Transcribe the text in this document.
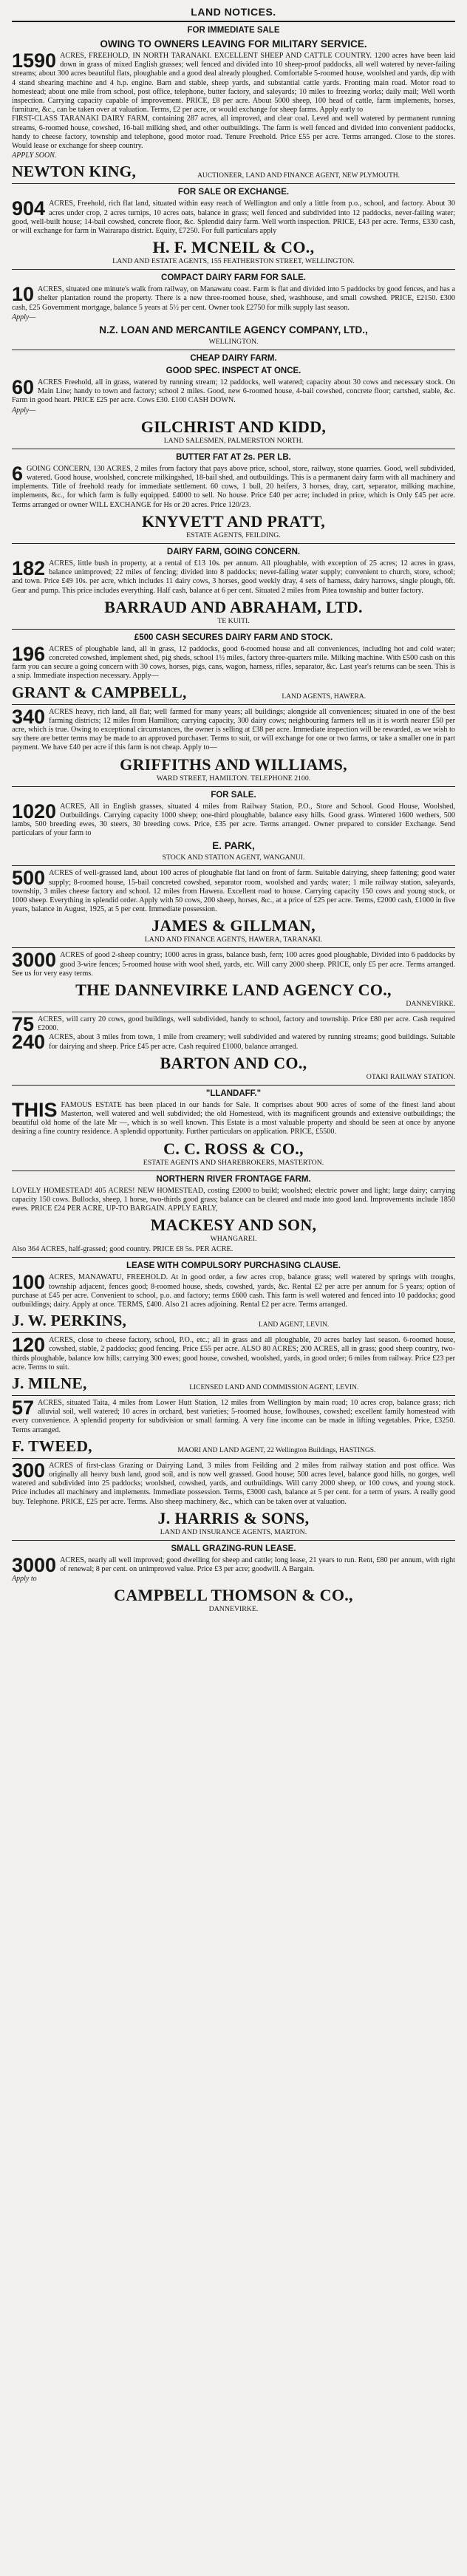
LAND NOTICES.
FOR IMMEDIATE SALE
OWING TO OWNERS LEAVING FOR MILITARY SERVICE.

1590 ACRES, FREEHOLD, IN NORTH TARANAKI. EXCELLENT SHEEP AND CATTLE COUNTRY. 1200 acres have been laid down in grass of mixed English grasses; well fenced and divided into 10 sheep-proof paddocks, all well watered by never-failing streams; about 300 acres beautiful flats, ploughable and a good deal already ploughed. Comfortable 5-roomed house, woolshed and yards, dip with 4 stand shearing machine and 4 h.p. engine. Barn and stable, sheep yards, and substantial cattle yards. Fronting main road. Motor road to homestead; about one mile from school, post office, telephone, butter factory, and saleyards; 10 miles to freezing works; daily mail; Well worth inspection. Carrying capacity capable of improvement. PRICE, £8 per acre. About 5000 sheep, 100 head of cattle, farm implements, horses, furniture, &c., can be taken over at valuation. Terms, £2 per acre, or would exchange for sheep farms. Apply early to

FIRST-CLASS TARANAKI DAIRY FARM, containing 287 acres, all improved, and clear coal. Level and well watered by permanent running streams, 6-roomed house, cowshed, 16-bail milking shed, and other outbuildings. The farm is well fenced and divided into convenient paddocks, handy to cheese factory, township and telephone, good motor road. Tenure Freehold. Price £55 per acre. Terms arranged. Close to the stores. Would lease or exchange for sheep country.

APPLY SOON.
NEWTON KING,	AUCTIONEER, LAND AND FINANCE AGENT, NEW PLYMOUTH.
FOR SALE OR EXCHANGE.

904 ACRES, Freehold, rich flat land, situated within easy reach of Wellington and only a little from p.o., school, and factory. About 30 acres under crop, 2 acres turnips, 10 acres oats, balance in grass; well fenced and subdivided into 12 paddocks, never-failing water; good, well-built house; 14-bail cowshed, concrete floor, &c. Splendid dairy farm. Well worth inspection. PRICE, £43 per acre. Terms, £330 cash, or will exchange for farm in Wairarapa district. Equity, £7250. For full particulars apply

H. F. MCNEIL & CO.,
LAND AND ESTATE AGENTS, 155 FEATHERSTON STREET, WELLINGTON.
COMPACT DAIRY FARM FOR SALE.

10 ACRES, situated one minute's walk from railway, on Manawatu coast. Farm is flat and divided into 5 paddocks by good fences, and has a shelter plantation round the property. There is a new three-roomed house, shed, washhouse, and small cowshed. PRICE, £2150. £300 cash, £25 Government mortgage, balance 5 years at 5½ per cent. Owner took £2750 for milk supply last season.

Apply—
N.Z. LOAN AND MERCANTILE AGENCY COMPANY, LTD.,
WELLINGTON.
CHEAP DAIRY FARM.
GOOD SPEC. INSPECT AT ONCE.

60 ACRES Freehold, all in grass, watered by running stream; 12 paddocks, well watered; capacity about 30 cows and necessary stock. On Main Line; handy to town and factory; school 2 miles. Good, new 6-roomed house, 4-bail cowshed, concrete floor; cartshed, stable, &c. Farm in good heart. PRICE £25 per acre. Cows £30. £100 CASH DOWN.

Apply—
GILCHRIST AND KIDD,
LAND SALESMEN, PALMERSTON NORTH.
BUTTER FAT AT 2s. PER LB.

6 GOING CONCERN, 130 ACRES, 2 miles from factory that pays above price, school, store, railway, stone quarries. Good, well subdivided, watered. Good house, woolshed, concrete milkingshed, 18-bail shed, and outbuildings. This is a permanent dairy farm with all machinery and implements. Title of freehold ready for immediate settlement. 60 cows, 1 bull, 20 heifers, 3 horses, dray, cart, separator, milking machine, implements, &c., for which farm is fully equipped. £4000 to sell. No house. Price £40 per acre; included in price, which is Only £45 per acre. Terms arranged or owner WILL EXCHANGE for Hs or 20 acres. Price 120/23.

KNYVETT AND PRATT,
ESTATE AGENTS, FEILDING.
DAIRY FARM, GOING CONCERN.

182 ACRES, little bush in property, at a rental of £13 10s. per annum. All ploughable, with exception of 25 acres; 12 acres in grass, balance unimproved; 22 miles of fencing; divided into 8 paddocks; never-failing water supply; convenient to church, store, school; and town. Price £49 10s. per acre, which includes 11 dairy cows, 3 horses, good weekly dray, 4 sets of harness, dairy harrows, single plough, 6ft. Gear and pump. This price includes everything. Half cash, balance at 6 per cent. Situated 2 miles from Pitea township and butter factory.

BARRAUD AND ABRAHAM, LTD.
TE KUITI.
£500 CASH SECURES DAIRY FARM AND STOCK.

196 ACRES of ploughable land, all in grass, 12 paddocks, good 6-roomed house and all conveniences, including hot and cold water; concreted cowshed, implement shed, pig sheds, school 1½ miles, factory three-quarters mile. Milking machine. With £500 cash on this farm you can secure a going concern with 30 cows, horses, pigs, cans, wagon, harness, rifles, separator, &c. Last year's returns can be seen. This is a snip. Immediate inspection necessary. Apply—

GRANT & CAMPBELL,	LAND AGENTS, HAWERA.

340 ACRES heavy, rich land, all flat; well farmed for many years; all buildings; alongside all conveniences; situated in one of the best farming districts; 12 miles from Hamilton; carrying capacity, 300 dairy cows; neighbouring farmers tell us it is worth nearer £50 per acre, which is true. Owing to exceptional circumstances, the owner is selling at £38 per acre. Immediate inspection will be rewarded, as we wish to say there are better terms may be made to an approved purchaser. Terms to suit, or will exchange for one or two farms, or take a smaller one in part payment. We have £40 per acre if this farm is not cheap. Apply to—

GRIFFITHS AND WILLIAMS,
WARD STREET, HAMILTON. TELEPHONE 2100.
FOR SALE.

1020 ACRES, All in English grasses, situated 4 miles from Railway Station, P.O., Store and School. Good House, Woolshed, Outbuildings. Carrying capacity 1000 sheep; one-third ploughable, balance easy hills. Good grass. Wintered 1600 wethers, 500 lambs, 500 breeding ewes, 30 steers, 30 breeding cows. Price, £35 per acre. Terms arranged. Owner prepared to consider Exchange. Send particulars of your farm to

E. PARK,
STOCK AND STATION AGENT, WANGANUI.

500 ACRES of well-grassed land, about 100 acres of ploughable flat land on front of farm. Suitable dairying, sheep fattening; good water supply; 8-roomed house, 15-bail concreted cowshed, separator room, woolshed and yards; water; 1 mile railway station, saleyards, township, 3 miles cheese factory and school. 12 miles from Hawera. Excellent road to house. Carrying capacity 150 cows and young stock, or 1000 sheep. Everything in splendid order. Apply with 50 cows, 200 sheep, horses, &c., at a price of £25 per acre. Terms, £2000 cash, £1000 in five years, balance in August, 1925, at 5 per cent. Immediate possession.

JAMES & GILLMAN,
LAND AND FINANCE AGENTS, HAWERA, TARANAKI.

3000 ACRES of good 2-sheep country; 1000 acres in grass, balance bush, fern; 100 acres good ploughable, Divided into 6 paddocks by good 3-wire fences; 5-roomed house with wool shed, yards, etc. Will carry 2000 sheep. PRICE, only £5 per acre. Terms arranged. See us for very easy terms.

THE DANNEVIRKE LAND AGENCY CO.,
DANNEVIRKE.

75 ACRES, will carry 20 cows, good buildings, well subdivided, handy to school, factory and township. Price £80 per acre. Cash required £2000.

240 ACRES, about 3 miles from town, 1 mile from creamery; well subdivided and watered by running streams; good buildings. Suitable for dairying and sheep. Price £45 per acre. Cash required £1000, balance arranged.

BARTON AND CO.,
OTAKI RAILWAY STATION.
"LLANDAFF."

THIS FAMOUS ESTATE has been placed in our hands for Sale. It comprises about 900 acres of some of the finest land about Masterton, well watered and well subdivided; the old Homestead, with its magnificent grounds and extensive outbuildings; the beautiful old home of the late Mr —, which is so well known. This Estate is a most valuable property and should be seen at once by anyone desiring a fine country residence. A splendid opportunity. Further particulars on application. PRICE, £5500.

C. C. ROSS & CO.,
ESTATE AGENTS AND SHAREBROKERS, MASTERTON.
NORTHERN RIVER FRONTAGE FARM.

LOVELY HOMESTEAD! 405 ACRES! NEW HOMESTEAD, costing £2000 to build; woolshed; electric power and light; large dairy; carrying capacity 150 cows. Bullocks, sheep, 1 horse, two-thirds good grass; balance can be cleared and made into good land. Improvements include 1850 ewes. PRICE £24 PER ACRE, UP-TO BARGAIN. APPLY EARLY,

MACKESY AND SON,
WHANGAREI.

Also 364 ACRES, half-grassed; good country. PRICE £8 5s. PER ACRE.

LEASE WITH COMPULSORY PURCHASING CLAUSE.

100 ACRES, MANAWATU, FREEHOLD. At in good order, a few acres crop, balance grass; well watered by springs with troughs, township adjacent, fences good; 8-roomed house, sheds, cowshed, yards, &c. Rental £2 per acre per annum for 5 years; option of purchase at £45 per acre. Convenient to school, p.o. and factory; terms £600 cash. This farm is well watered and fenced into 10 paddocks; good outbuildings; dairy. Apply at once. TERMS, £400. Also 21 acres adjoining. Rental £2 per acre. Terms arranged.

J. W. PERKINS,	LAND AGENT, LEVIN.

120 ACRES, close to cheese factory, school, P.O., etc.; all in grass and all ploughable, 20 acres barley last season. 6-roomed house, cowshed, stable, 2 paddocks; good fencing. Price £55 per acre. ALSO 80 ACRES; 200 ACRES, all in grass; good sheep country, two-thirds ploughable, balance low hills; carrying 300 ewes; good house, cowshed, woolshed, yards, in good order; 6 miles from railway. Price £23 per acre. Terms to suit.

J. MILNE,	LICENSED LAND AND COMMISSION AGENT, LEVIN.

57 ACRES, situated Taita, 4 miles from Lower Hutt Station, 12 miles from Wellington by main road; 10 acres crop, balance grass; rich alluvial soil, well watered; 10 acres in orchard, best varieties; 5-roomed house, fowlhouses, cowshed; excellent family homestead with every convenience. A splendid property for subdivision or small farming. A very fine income can be made in lifting vegetables. Price, £3250. Terms arranged.

F. TWEED,	MAORI AND LAND AGENT, 22 Wellington Buildings, HASTINGS.

300 ACRES of first-class Grazing or Dairying Land, 3 miles from Feilding and 2 miles from railway station and post office. Was originally all heavy bush land, good soil, and is now well grassed. Good house; 500 acres level, balance good hills, no gorges, well watered and subdivided into 25 paddocks; woolshed, cowshed, yards, and outbuildings. Will carry 2000 sheep, or 100 cows, and young stock. Price includes all machinery and implements. Immediate possession. Terms, £3000 cash, balance at 5 per cent. for a term of years. A really good buy. Telephone. PRICE, £25 per acre. Terms. Also sheep machinery, &c., which can be taken over at valuation.

J. HARRIS & SONS,
LAND AND INSURANCE AGENTS, MARTON.
SMALL GRAZING-RUN LEASE.

3000 ACRES, nearly all well improved; good dwelling for sheep and cattle; long lease, 21 years to run. Rent, £80 per annum, with right of renewal; 8 per cent. on unimproved value. Price £3 per acre; goodwill. A Bargain.

Apply to
CAMPBELL THOMSON & CO.,
DANNEVIRKE.
